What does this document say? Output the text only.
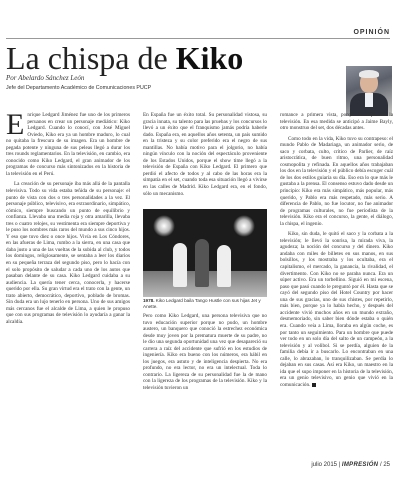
OPINIÓN
La chispa de Kiko
Por Abelardo Sánchez León
Jefe del Departamento Académico de Comunicaciones PUCP

Enrique Ledgard Jiménez fue uno de los primeros peruanos en crear un personaje mediático: Kiko Ledgard. Cuando lo conocí, con José Miguel Oviedo, Kiko era ya un hombre maduro, lo cual no quitaba la frescura de su imagen. Era un hombre de pegada potente y ninguna de sus peleas llegó a durar los tres rounds reglamentarios. En la televisión, en cambio, era conocido como Kiko Ledgard, el gran animador de los programas de concurso más sintonizados en la historia de la televisión en el Perú.

La creación de su personaje iba más allá de la pantalla televisiva. Todo su vida estaba teñida de su personaje: el punto de vista con dos o tres personalidades a la vez. El personaje público, televisivo, era extraordinario, simpático, cómico, siempre buscando un punto de equilibrio y confianza. Llevaba una media roja y otra amarilla, llevaba tres o cuatro relojes, su vestimenta era siempre deportiva y le puso los nombres más raros del mundo a sus cinco hijos. Y eso que tuvo diez o once hijos. Vivía en Los Cóndores, en las afueras de Lima, rumbo a la sierra, en una casa que daba justo a una de las vueltas de la subida al club, y todos los domingos, religiosamente, se sentaba a leer los diarios en su pequeña terraza del segundo piso, pero lo hacía con el solo propósito de saludar a cada uno de los autos que pasaban delante de su casa. Kiko Ledgard cuidaba a su audiencia. La quería tener cerca, conocerla, y hacerse querido por ella. Su gran virtud era el trato con la gente, un trato abierto, democrático, deportivo, poblado de bromas. Sin duda era un lujo tenerlo en persona. Uno de sus amigos más cercanos fue el alcalde de Lima, a quien le propuso que con sus programas de televisión lo ayudaría a ganar la alcaldía.

En España fue un éxito total. Su personalidad vistosa, su gracia innata, su talento para las pruebas y los concursos lo llevó a un éxito que el franquismo jamás podría haberle dado. España era, en aquellos años setenta, un país sumido en la tristeza y su color preferido era el negro de sus mantillas. No había motivo para el jolgorio, no había ningún vínculo con la noción del espectáculo proveniente de los Estados Unidos, porque el show time llegó a la televisión de España con Kiko Ledgard. El primero que perdió el afecto de todos y al cabo de las horas era la simpatía en el set, cuando toda esa situación llegó a vivirse en las calles de Madrid. Kiko Ledgard era, en el fondo, sólo un mecanismo.

1978. Kiko Ledgard baila Tango Hustle con sus hijas Jet y Anette.

Pero como Kiko Ledgard, una persona televisiva que no tuvo educación superior porque no pudo, un hombre austero, un banquero que conoció la estrechez económica desde muy joven por la prematura muerte de su padre, no le dio una segunda oportunidad una vez que desapareció su carrera a raíz del accidente que sufrió en los estudios de ingeniería. Kiko era bueno con los números, era hábil en los juegos, era astuto y de inteligencia despierta. No era profundo, no era lector, no era un intelectual. Toda lo contrario. La ligereza de su personalidad fue la de mano con la ligereza de los programas de la televisión. Kiko y la televisión tuvieron un

romance a primera vista, porque lo supo era la televisión. En esa medida se anticipó a Jaime Bayly, otro monstruo del set, dos décadas antes.

Como todo en la vida, Kiko tuvo su contrapeso: el mundo Pablo de Madariaga, un animador serio, de saco y corbata, culto, crítico de Parlier, de raíz aristocrática, de buen ritmo, una personalidad cosmopolita y refinada. En aquellos años trabajaban los dos en la televisión y el público debía escoger cuál de los dos estilos guiaría su día. Eso era lo que más le gustaba a la prensa. El consenso estuvo dado desde un principio: Kiko era más simpático, más popular, más querido, y Pablo era más respetado, más serio. A diferencia de Pablo, no fue locutor, no fue animador de programas culturales, no fue periodista de la televisión. Kiko era el concurso, la gente, el diálogo, la chispa, el ingenio.

Kiko, sin duda, le quitó el saco y la corbata a la televisión; le llevó la sonrisa, la mirada viva, la agudeza; la noción del concurso y del dinero. Kiko andaba con miles de billetes en sus manos, en sus bolsillos, y los mostraba y los ocultaba, era el capitalismo, el mercado, la ganancia, la rivalidad, el divertimento. Con Kiko no se paraba nunca. Era un súper activo. Era un torbellino. Siguió en mi escena, paso que pasó cuando le preguntó por él. Hasta que se cayó del segundo piso del Hotel Country por hacer una de sus gracias, uno de sus chistes, por repetirlo, más bien, porque ya lo había hecho, y después del accidente vivió muchos años en un mundo extraño, desmemoriado, sin saber bien dónde estaba o quién era. Cuando veía a Lima, lloraba en algún coche, es por tanto un seguimiento. Para un hombre que puede ver todo en un solo día del salto de un campeón, a la televisión y al volibol. Si se perdía, alguien de la familia debía ir a buscarlo. Lo encontraban en una calle, lo abrazaban, lo tranquilizaban. Se perdía lo dejaban en sus casas. Así era Kiko, un maestro en la ida que el supo imponer en la historia de la televisión, era un genio televisivo, un genio que vivió en la comunicación.

julio 2015 | IMPRESIÓN / 25
